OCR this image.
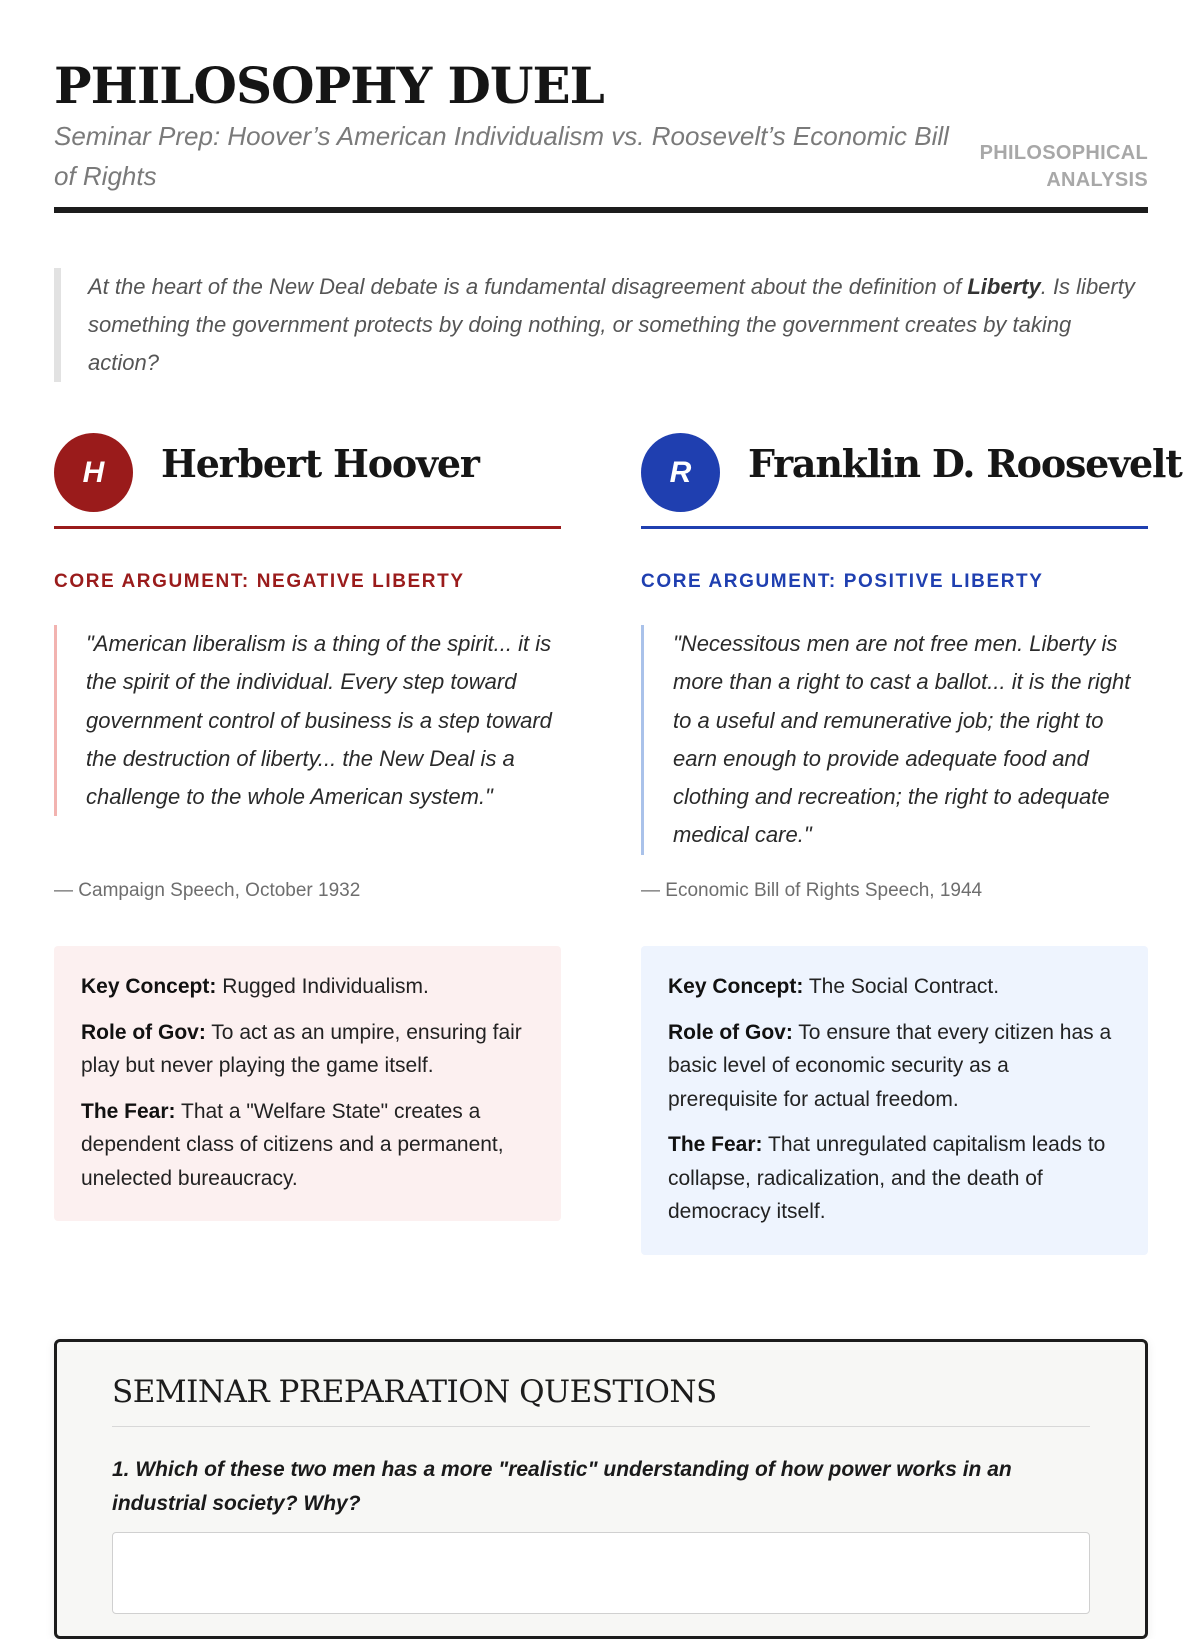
PHILOSOPHY DUEL

Seminar Prep: Hoover’s American Individualism vs. Roosevelt’s Economic Bill of Rights

PHILOSOPHICAL
ANALYSIS
At the heart of the New Deal debate is a fundamental disagreement about the definition of Liberty. Is liberty something the government protects by doing nothing, or something the government creates by taking action?
H	Herbert Hoover
CORE ARGUMENT: NEGATIVE LIBERTY
"American liberalism is a thing of the spirit... it is the spirit of the individual. Every step toward government control of business is a step toward the destruction of liberty... the New Deal is a challenge to the whole American system."
— Campaign Speech, October 1932

Key Concept: Rugged Individualism.

Role of Gov: To act as an umpire, ensuring fair play but never playing the game itself.

The Fear: That a "Welfare State" creates a dependent class of citizens and a permanent, unelected bureaucracy.

R	Franklin D. Roosevelt
CORE ARGUMENT: POSITIVE LIBERTY
"Necessitous men are not free men. Liberty is more than a right to cast a ballot... it is the right to a useful and remunerative job; the right to earn enough to provide adequate food and clothing and recreation; the right to adequate medical care."
— Economic Bill of Rights Speech, 1944

Key Concept: The Social Contract.

Role of Gov: To ensure that every citizen has a basic level of economic security as a prerequisite for actual freedom.

The Fear: That unregulated capitalism leads to collapse, radicalization, and the death of democracy itself.

SEMINAR PREPARATION QUESTIONS

1. Which of these two men has a more "realistic" understanding of how power works in an industrial society? Why?
